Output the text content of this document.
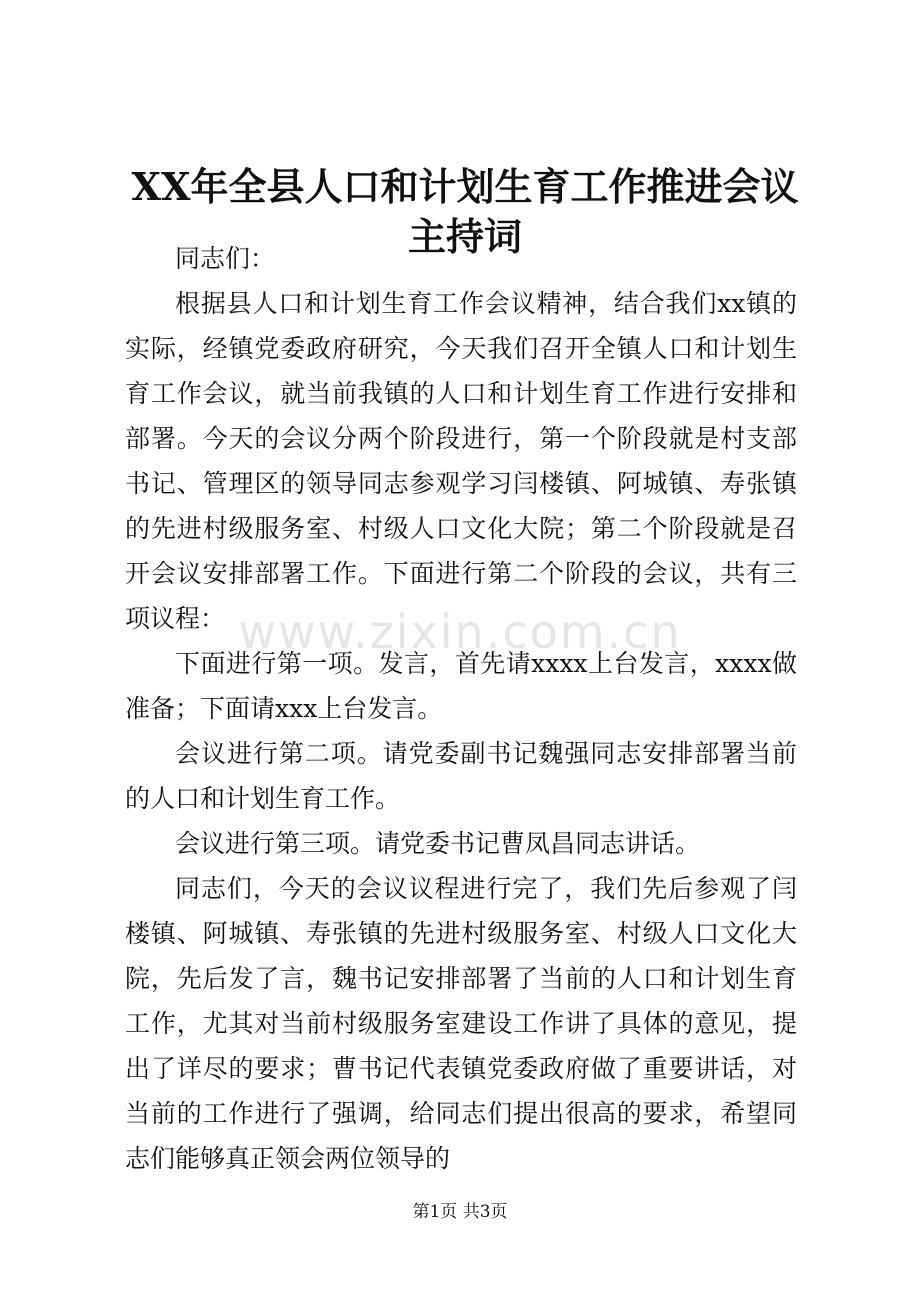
XX年全县人口和计划生育工作推进会议主持词

同志们：

根据县人口和计划生育工作会议精神，结合我们xx镇的实际，经镇党委政府研究，今天我们召开全镇人口和计划生育工作会议，就当前我镇的人口和计划生育工作进行安排和部署。今天的会议分两个阶段进行，第一个阶段就是村支部书记、管理区的领导同志参观学习闫楼镇、阿城镇、寿张镇的先进村级服务室、村级人口文化大院；第二个阶段就是召开会议安排部署工作。下面进行第二个阶段的会议，共有三项议程：

下面进行第一项。发言，首先请xxxx上台发言，xxxx做准备；下面请xxx上台发言。

会议进行第二项。请党委副书记魏强同志安排部署当前的人口和计划生育工作。

会议进行第三项。请党委书记曹凤昌同志讲话。

同志们，今天的会议议程进行完了，我们先后参观了闫楼镇、阿城镇、寿张镇的先进村级服务室、村级人口文化大院，先后发了言，魏书记安排部署了当前的人口和计划生育工作，尤其对当前村级服务室建设工作讲了具体的意见，提出了详尽的要求；曹书记代表镇党委政府做了重要讲话，对当前的工作进行了强调，给同志们提出很高的要求，希望同志们能够真正领会两位领导的

www.zixin.com.cn
第1页 共3页
